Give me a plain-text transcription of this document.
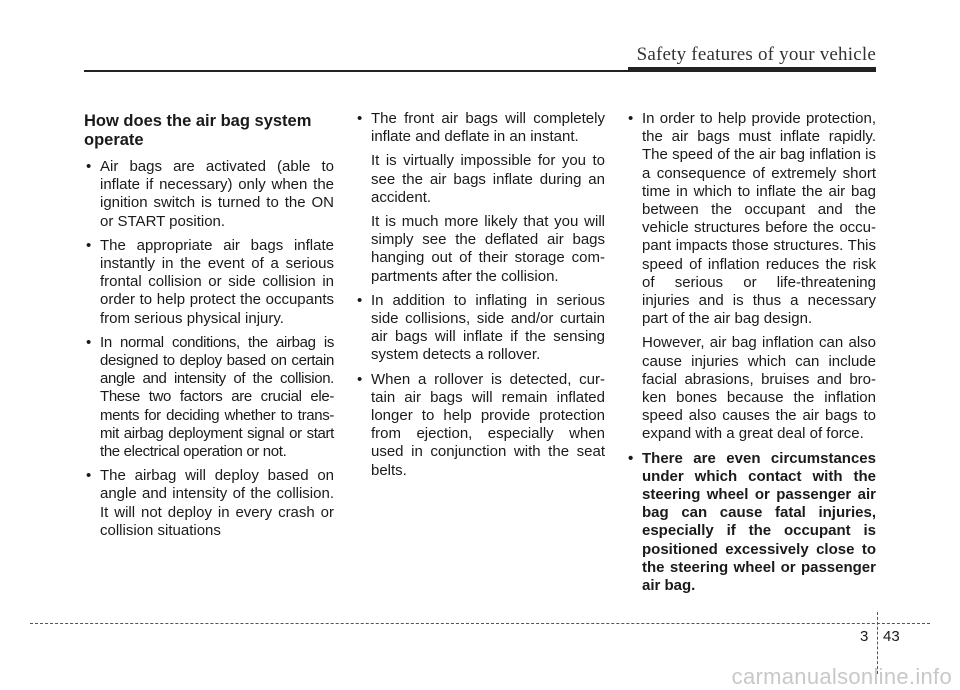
Safety features of your vehicle
How does the air bag system operate
• Air bags are activated (able to inflate if necessary) only when the ignition switch is turned to the ON or START position.
• The appropriate air bags inflate instantly in the event of a serious frontal collision or side collision in order to help protect the occupants from serious physical injury.
• In normal conditions, the airbag is designed to deploy based on certain angle and intensity of the collision. These two factors are crucial ele- ments for deciding whether to trans- mit airbag deployment signal or start the electrical operation or not.
• The airbag will deploy based on angle and intensity of the collision. It will not deploy in every crash or collision situations
• The front air bags will completely inflate and deflate in an instant.
It is virtually impossible for you to see the air bags inflate during an accident.
It is much more likely that you will simply see the deflated air bags hanging out of their storage com- partments after the collision.
• In addition to inflating in serious side collisions, side and/or curtain air bags will inflate if the sensing system detects a rollover.
• When a rollover is detected, cur- tain air bags will remain inflated longer to help provide protection from ejection, especially when used in conjunction with the seat belts.
• In order to help provide protection, the air bags must inflate rapidly. The speed of the air bag inflation is a consequence of extremely short time in which to inflate the air bag between the occupant and the vehicle structures before the occu- pant impacts those structures. This speed of inflation reduces the risk of serious or life-threatening injuries and is thus a necessary part of the air bag design.
However, air bag inflation can also cause injuries which can include facial abrasions, bruises and bro- ken bones because the inflation speed also causes the air bags to expand with a great deal of force.
• There are even circumstances under which contact with the steering wheel or passenger air bag can cause fatal injuries, especially if the occupant is positioned excessively close to the steering wheel or passenger air bag.
3 43
carmanualsonline.info
